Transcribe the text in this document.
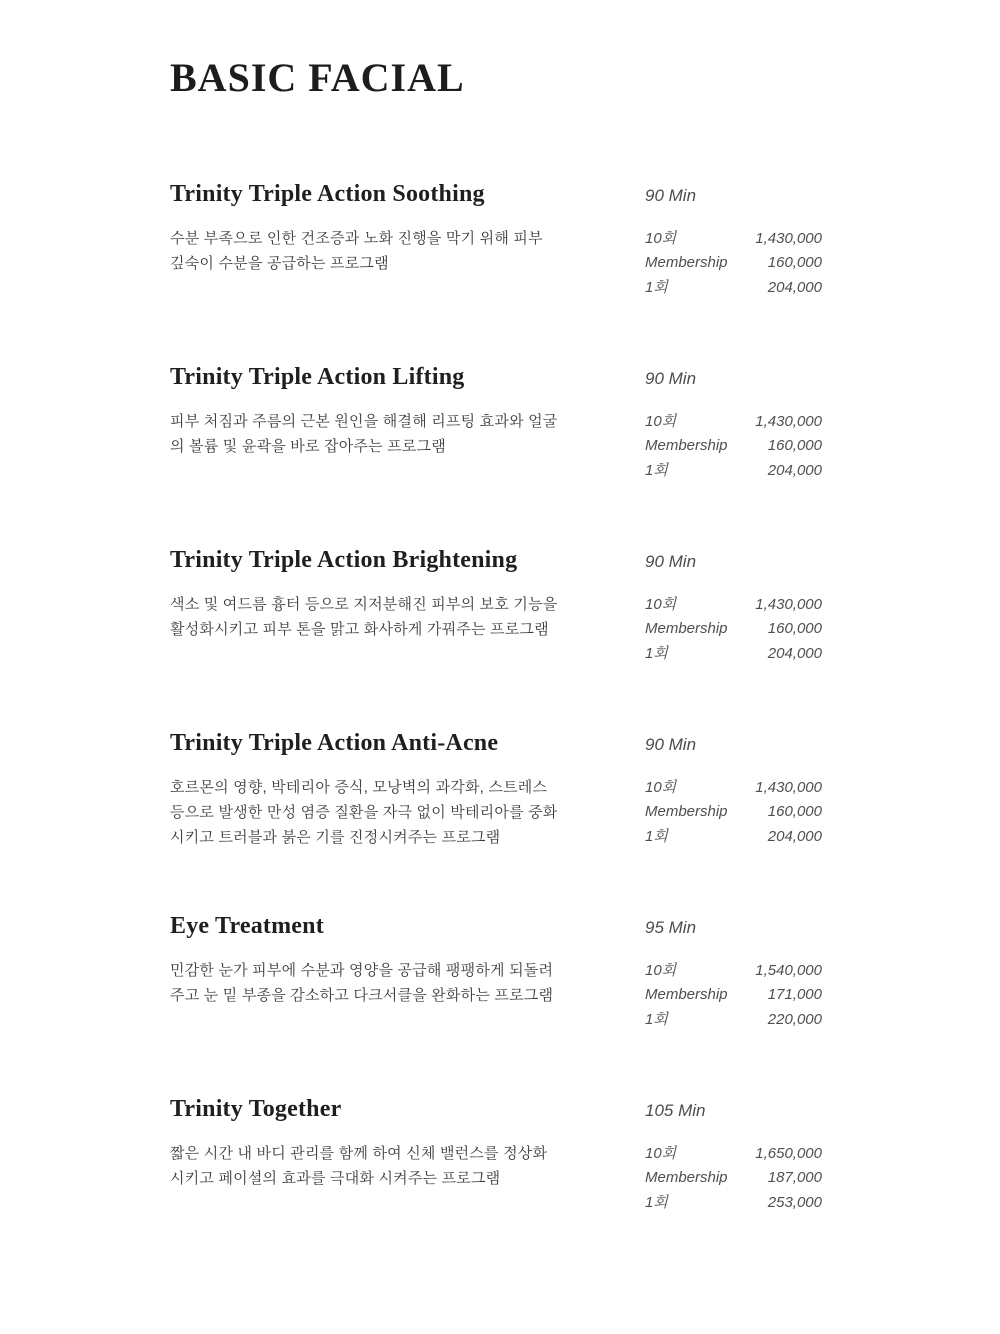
BASIC FACIAL
Trinity Triple Action Soothing	90 Min
수분 부족으로 인한 건조증과 노화 진행을 막기 위해 피부
깊숙이 수분을 공급하는 프로그램
10회	1,430,000
Membership	160,000
1회	204,000
Trinity Triple Action Lifting	90 Min
피부 처짐과 주름의 근본 원인을 해결해 리프팅 효과와 얼굴
의 볼륨 및 윤곽을 바로 잡아주는 프로그램
10회	1,430,000
Membership	160,000
1회	204,000
Trinity Triple Action Brightening	90 Min
색소 및 여드름 흉터 등으로 지저분해진 피부의 보호 기능을
활성화시키고 피부 톤을 맑고 화사하게 가꿔주는 프로그램
10회	1,430,000
Membership	160,000
1회	204,000
Trinity Triple Action Anti-Acne	90 Min
호르몬의 영향, 박테리아 증식, 모낭벽의 과각화, 스트레스
등으로 발생한 만성 염증 질환을 자극 없이 박테리아를 중화
시키고 트러블과 붉은 기를 진정시켜주는 프로그램
10회	1,430,000
Membership	160,000
1회	204,000
Eye Treatment	95 Min
민감한 눈가 피부에 수분과 영양을 공급해 팽팽하게 되돌려
주고 눈 밑 부종을 감소하고 다크서클을 완화하는 프로그램
10회	1,540,000
Membership	171,000
1회	220,000
Trinity Together	105 Min
짧은 시간 내 바디 관리를 함께 하여 신체 밸런스를 정상화
시키고 페이셜의 효과를 극대화 시켜주는 프로그램
10회	1,650,000
Membership	187,000
1회	253,000
